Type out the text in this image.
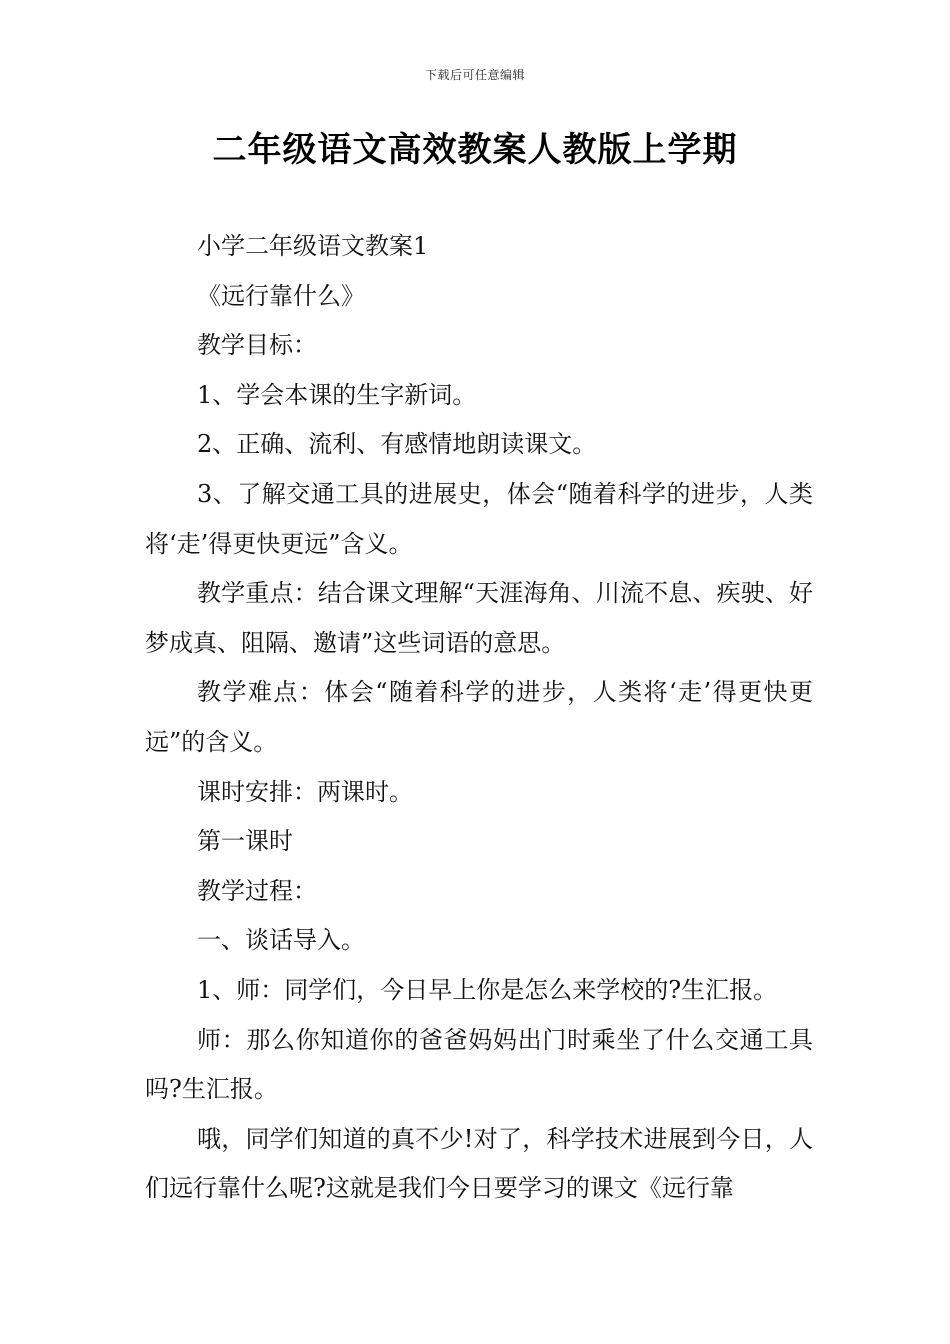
下载后可任意编辑
二年级语文高效教案人教版上学期

小学二年级语文教案1

《远行靠什么》

教学目标：

1、学会本课的生字新词。

2、正确、流利、有感情地朗读课文。

3、了解交通工具的进展史，体会“随着科学的进步，人类将‘走’得更快更远”含义。

教学重点：结合课文理解“天涯海角、川流不息、疾驶、好梦成真、阻隔、邀请”这些词语的意思。

教学难点：体会“随着科学的进步，人类将‘走’得更快更远”的含义。

课时安排：两课时。

第一课时

教学过程：

一、谈话导入。

1、师：同学们，今日早上你是怎么来学校的?生汇报。

师：那么你知道你的爸爸妈妈出门时乘坐了什么交通工具吗?生汇报。

哦，同学们知道的真不少!对了，科学技术进展到今日，人们远行靠什么呢?这就是我们今日要学习的课文《远行靠
